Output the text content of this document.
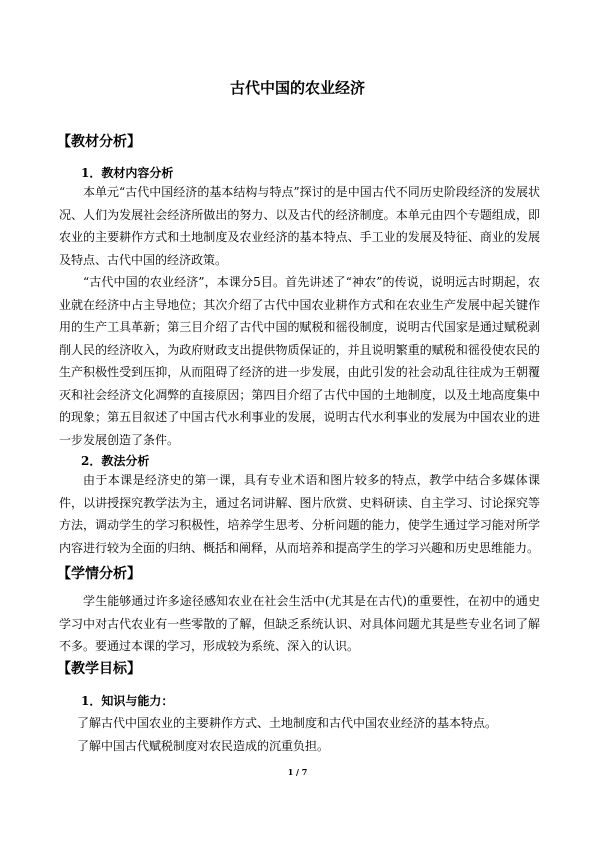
古代中国的农业经济
【教材分析】
1．教材内容分析

本单元“古代中国经济的基本结构与特点”探讨的是中国古代不同历史阶段经济的发展状况、人们为发展社会经济所做出的努力、以及古代的经济制度。本单元由四个专题组成，即农业的主要耕作方式和土地制度及农业经济的基本特点、手工业的发展及特征、商业的发展及特点、古代中国的经济政策。

“古代中国的农业经济”，本课分5目。首先讲述了“神农”的传说，说明远古时期起，农业就在经济中占主导地位；其次介绍了古代中国农业耕作方式和在农业生产发展中起关键作用的生产工具革新；第三目介绍了古代中国的赋税和徭役制度，说明古代国家是通过赋税剥削人民的经济收入，为政府财政支出提供物质保证的，并且说明繁重的赋税和徭役使农民的生产积极性受到压抑，从而阻碍了经济的进一步发展，由此引发的社会动乱往往成为王朝覆灭和社会经济文化凋弊的直接原因；第四目介绍了古代中国的土地制度，以及土地高度集中的现象；第五目叙述了中国古代水利事业的发展，说明古代水利事业的发展为中国农业的进一步发展创造了条件。

2．教法分析

由于本课是经济史的第一课，具有专业术语和图片较多的特点，教学中结合多媒体课件，以讲授探究教学法为主，通过名词讲解、图片欣赏、史料研读、自主学习、讨论探究等方法，调动学生的学习积极性，培养学生思考、分析问题的能力，使学生通过学习能对所学内容进行较为全面的归纳、概括和阐释，从而培养和提高学生的学习兴趣和历史思维能力。

【学情分析】

学生能够通过许多途径感知农业在社会生活中(尤其是在古代)的重要性，在初中的通史学习中对古代农业有一些零散的了解，但缺乏系统认识、对具体问题尤其是些专业名词了解不多。要通过本课的学习，形成较为系统、深入的认识。

【教学目标】
1．知识与能力：
了解古代中国农业的主要耕作方式、土地制度和古代中国农业经济的基本特点。
了解中国古代赋税制度对农民造成的沉重负担。
1 / 7
